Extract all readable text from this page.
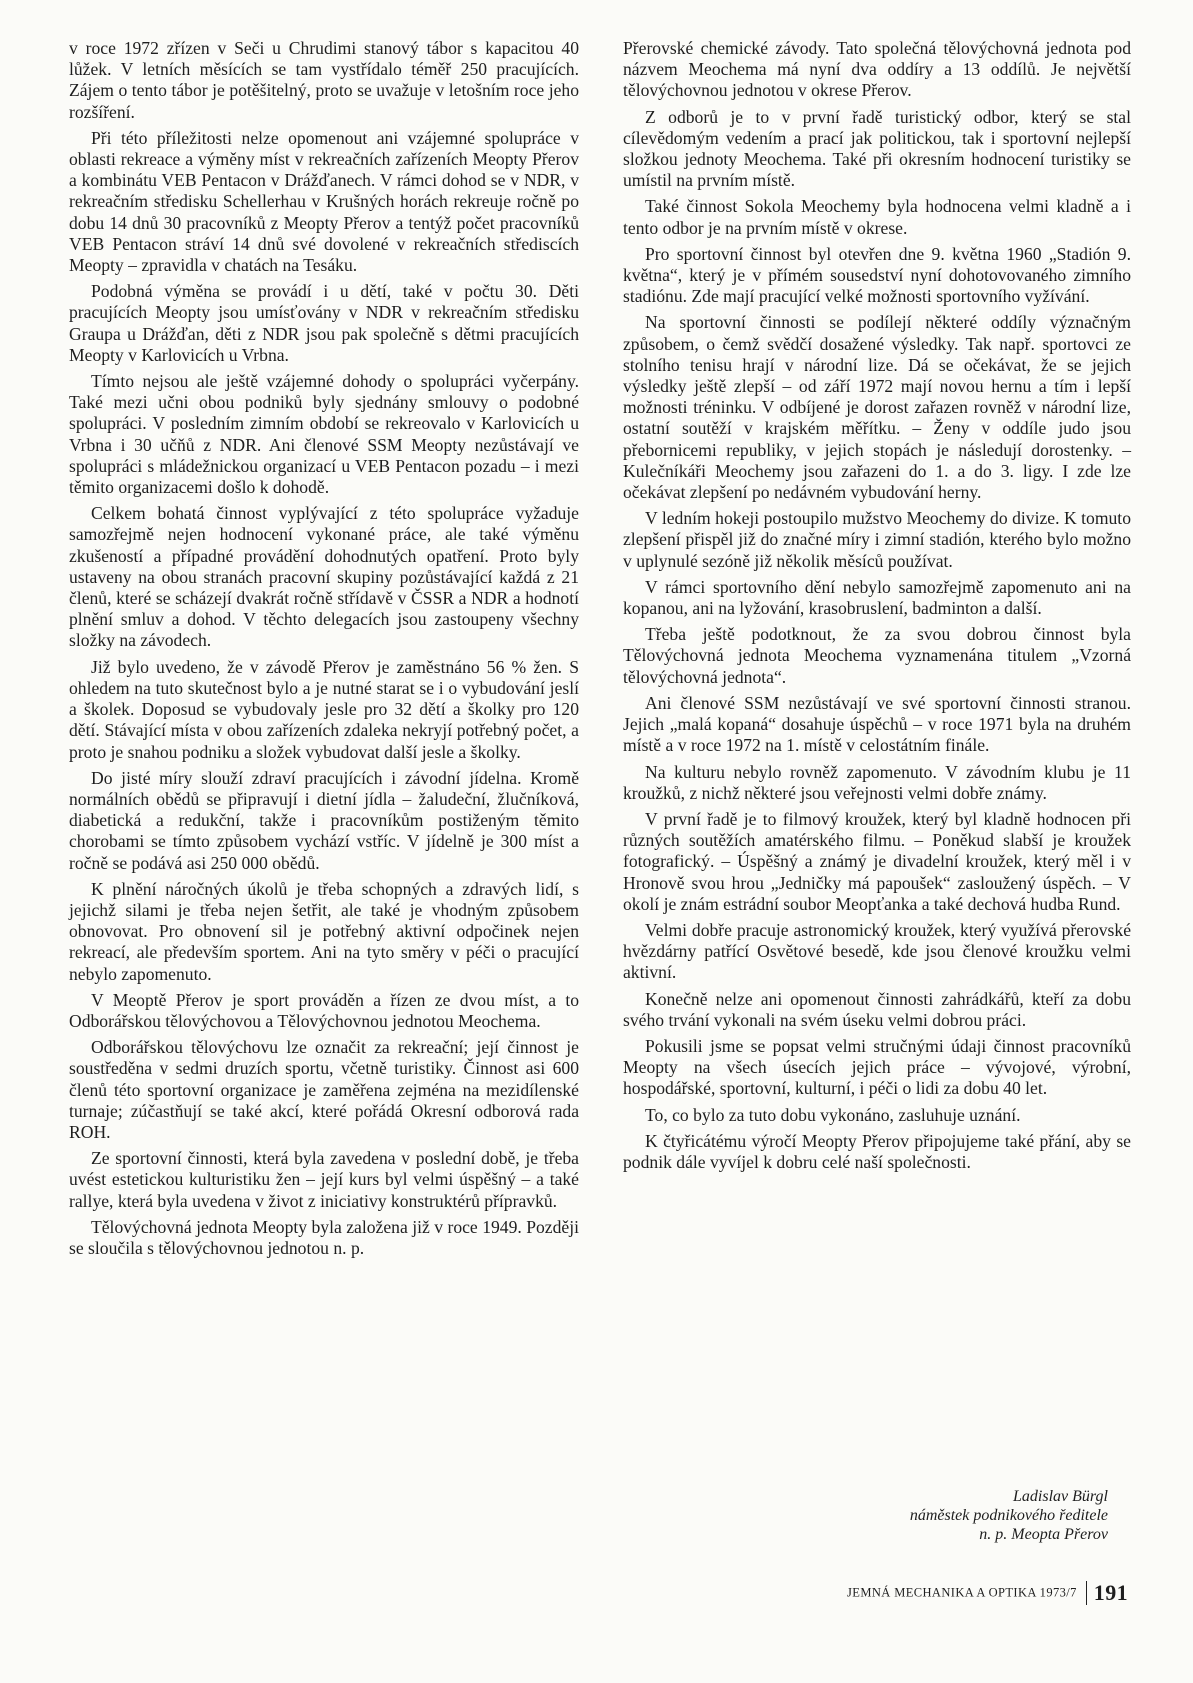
v roce 1972 zřízen v Seči u Chrudimi stanový tábor s kapacitou 40 lůžek. V letních měsících se tam vystřídalo téměř 250 pracujících. Zájem o tento tábor je potěšitelný, proto se uvažuje v letošním roce jeho rozšíření.

Při této příležitosti nelze opomenout ani vzájemné spolupráce v oblasti rekreace a výměny míst v rekreačních zařízeních Meopty Přerov a kombinátu VEB Pentacon v Drážďanech. V rámci dohod se v NDR, v rekreačním středisku Schellerhau v Krušných horách rekreuje ročně po dobu 14 dnů 30 pracovníků z Meopty Přerov a tentýž počet pracovníků VEB Pentacon stráví 14 dnů své dovolené v rekreačních střediscích Meopty – zpravidla v chatách na Tesáku.

Podobná výměna se provádí i u dětí, také v počtu 30. Děti pracujících Meopty jsou umísťovány v NDR v rekreačním středisku Graupa u Drážďan, děti z NDR jsou pak společně s dětmi pracujících Meopty v Karlovicích u Vrbna.

Tímto nejsou ale ještě vzájemné dohody o spolupráci vyčerpány. Také mezi učni obou podniků byly sjednány smlouvy o podobné spolupráci. V posledním zimním období se rekreovalo v Karlovicích u Vrbna i 30 učňů z NDR. Ani členové SSM Meopty nezůstávají ve spolupráci s mládežnickou organizací u VEB Pentacon pozadu – i mezi těmito organizacemi došlo k dohodě.

Celkem bohatá činnost vyplývající z této spolupráce vyžaduje samozřejmě nejen hodnocení vykonané práce, ale také výměnu zkušeností a případné provádění dohodnutých opatření. Proto byly ustaveny na obou stranách pracovní skupiny pozůstávající každá z 21 členů, které se scházejí dvakrát ročně střídavě v ČSSR a NDR a hodnotí plnění smluv a dohod. V těchto delegacích jsou zastoupeny všechny složky na závodech.

Již bylo uvedeno, že v závodě Přerov je zaměstnáno 56 % žen. S ohledem na tuto skutečnost bylo a je nutné starat se i o vybudování jeslí a školek. Doposud se vybudovaly jesle pro 32 dětí a školky pro 120 dětí. Stávající místa v obou zařízeních zdaleka nekryjí potřebný počet, a proto je snahou podniku a složek vybudovat další jesle a školky.

Do jisté míry slouží zdraví pracujících i závodní jídelna. Kromě normálních obědů se připravují i dietní jídla – žaludeční, žlučníková, diabetická a redukční, takže i pracovníkům postiženým těmito chorobami se tímto způsobem vychází vstříc. V jídelně je 300 míst a ročně se podává asi 250 000 obědů.

K plnění náročných úkolů je třeba schopných a zdravých lidí, s jejichž silami je třeba nejen šetřit, ale také je vhodným způsobem obnovovat. Pro obnovení sil je potřebný aktivní odpočinek nejen rekreací, ale především sportem. Ani na tyto směry v péči o pracující nebylo zapomenuto.

V Meoptě Přerov je sport prováděn a řízen ze dvou míst, a to Odborářskou tělovýchovou a Tělovýchovnou jednotou Meochema.

Odborářskou tělovýchovu lze označit za rekreační; její činnost je soustředěna v sedmi druzích sportu, včetně turistiky. Činnost asi 600 členů této sportovní organizace je zaměřena zejména na mezidílenské turnaje; zúčastňují se také akcí, které pořádá Okresní odborová rada ROH.

Ze sportovní činnosti, která byla zavedena v poslední době, je třeba uvést estetickou kulturistiku žen – její kurs byl velmi úspěšný – a také rallye, která byla uvedena v život z iniciativy konstruktérů přípravků.

Tělovýchovná jednota Meopty byla založena již v roce 1949. Později se sloučila s tělovýchovnou jednotou n. p.

Přerovské chemické závody. Tato společná tělovýchovná jednota pod názvem Meochema má nyní dva oddíry a 13 oddílů. Je největší tělovýchovnou jednotou v okrese Přerov.

Z odborů je to v první řadě turistický odbor, který se stal cílevědomým vedením a prací jak politickou, tak i sportovní nejlepší složkou jednoty Meochema. Také při okresním hodnocení turistiky se umístil na prvním místě.

Také činnost Sokola Meochemy byla hodnocena velmi kladně a i tento odbor je na prvním místě v okrese.

Pro sportovní činnost byl otevřen dne 9. května 1960 „Stadión 9. května“, který je v přímém sousedství nyní dohotovovaného zimního stadiónu. Zde mají pracující velké možnosti sportovního vyžívání.

Na sportovní činnosti se podílejí některé oddíly význačným způsobem, o čemž svědčí dosažené výsledky. Tak např. sportovci ze stolního tenisu hrají v národní lize. Dá se očekávat, že se jejich výsledky ještě zlepší – od září 1972 mají novou hernu a tím i lepší možnosti tréninku. V odbíjené je dorost zařazen rovněž v národní lize, ostatní soutěží v krajském měřítku. – Ženy v oddíle judo jsou přebornicemi republiky, v jejich stopách je následují dorostenky. – Kulečníkáři Meochemy jsou zařazeni do 1. a do 3. ligy. I zde lze očekávat zlepšení po nedávném vybudování herny.

V ledním hokeji postoupilo mužstvo Meochemy do divize. K tomuto zlepšení přispěl již do značné míry i zimní stadión, kterého bylo možno v uplynulé sezóně již několik měsíců používat.

V rámci sportovního dění nebylo samozřejmě zapomenuto ani na kopanou, ani na lyžování, krasobruslení, badminton a další.

Třeba ještě podotknout, že za svou dobrou činnost byla Tělovýchovná jednota Meochema vyznamenána titulem „Vzorná tělovýchovná jednota“.

Ani členové SSM nezůstávají ve své sportovní činnosti stranou. Jejich „malá kopaná“ dosahuje úspěchů – v roce 1971 byla na druhém místě a v roce 1972 na 1. místě v celostátním finále.

Na kulturu nebylo rovněž zapomenuto. V závodním klubu je 11 kroužků, z nichž některé jsou veřejnosti velmi dobře známy.

V první řadě je to filmový kroužek, který byl kladně hodnocen při různých soutěžích amatérského filmu. – Poněkud slabší je kroužek fotografický. – Úspěšný a známý je divadelní kroužek, který měl i v Hronově svou hrou „Jedničky má papoušek“ zasloužený úspěch. – V okolí je znám estrádní soubor Meopťanka a také dechová hudba Rund.

Velmi dobře pracuje astronomický kroužek, který využívá přerovské hvězdárny patřící Osvětové besedě, kde jsou členové kroužku velmi aktivní.

Konečně nelze ani opomenout činnosti zahrádkářů, kteří za dobu svého trvání vykonali na svém úseku velmi dobrou práci.

Pokusili jsme se popsat velmi stručnými údaji činnost pracovníků Meopty na všech úsecích jejich práce – vývojové, výrobní, hospodářské, sportovní, kulturní, i péči o lidi za dobu 40 let.

To, co bylo za tuto dobu vykonáno, zasluhuje uznání.

K čtyřicátému výročí Meopty Přerov připojujeme také přání, aby se podnik dále vyvíjel k dobru celé naší společnosti.

Ladislav Bürgl
náměstek podnikového ředitele
n. p. Meopta Přerov
JEMNÁ MECHANIKA A OPTIKA 1973/7 191
